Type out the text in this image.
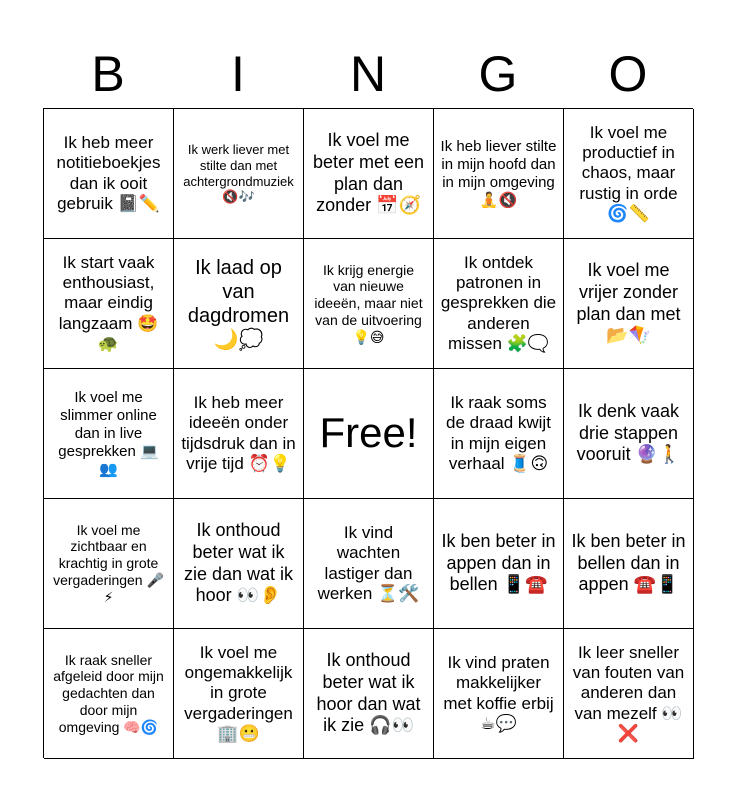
B	I	N	G	O
Ik heb meer notitieboekjes dan ik ooit gebruik 📓✏️
Ik werk liever met stilte dan met achtergrondmuziek 🔇🎶
Ik voel me beter met een plan dan zonder 📅🧭
Ik heb liever stilte in mijn hoofd dan in mijn omgeving 🧘🔇
Ik voel me productief in chaos, maar rustig in orde 🌀📏
Ik start vaak enthousiast, maar eindig langzaam 🤩🐢
Ik laad op van dagdromen 🌙💭
Ik krijg energie van nieuwe ideeën, maar niet van de uitvoering 💡😅
Ik ontdek patronen in gesprekken die anderen missen 🧩🗨️
Ik voel me vrijer zonder plan dan met 📂🪁
Ik voel me slimmer online dan in live gesprekken 💻👥
Ik heb meer ideeën onder tijdsdruk dan in vrije tijd ⏰💡
Free!
Ik raak soms de draad kwijt in mijn eigen verhaal 🧵🙃
Ik denk vaak drie stappen vooruit 🔮🚶
Ik voel me zichtbaar en krachtig in grote vergaderingen 🎤⚡
Ik onthoud beter wat ik zie dan wat ik hoor 👀👂
Ik vind wachten lastiger dan werken ⏳🛠️
Ik ben beter in appen dan in bellen 📱☎️
Ik ben beter in bellen dan in appen ☎️📱
Ik raak sneller afgeleid door mijn gedachten dan door mijn omgeving 🧠🌀
Ik voel me ongemakkelijk in grote vergaderingen 🏢😬
Ik onthoud beter wat ik hoor dan wat ik zie 🎧👀
Ik vind praten makkelijker met koffie erbij ☕💬
Ik leer sneller van fouten van anderen dan van mezelf 👀❌
